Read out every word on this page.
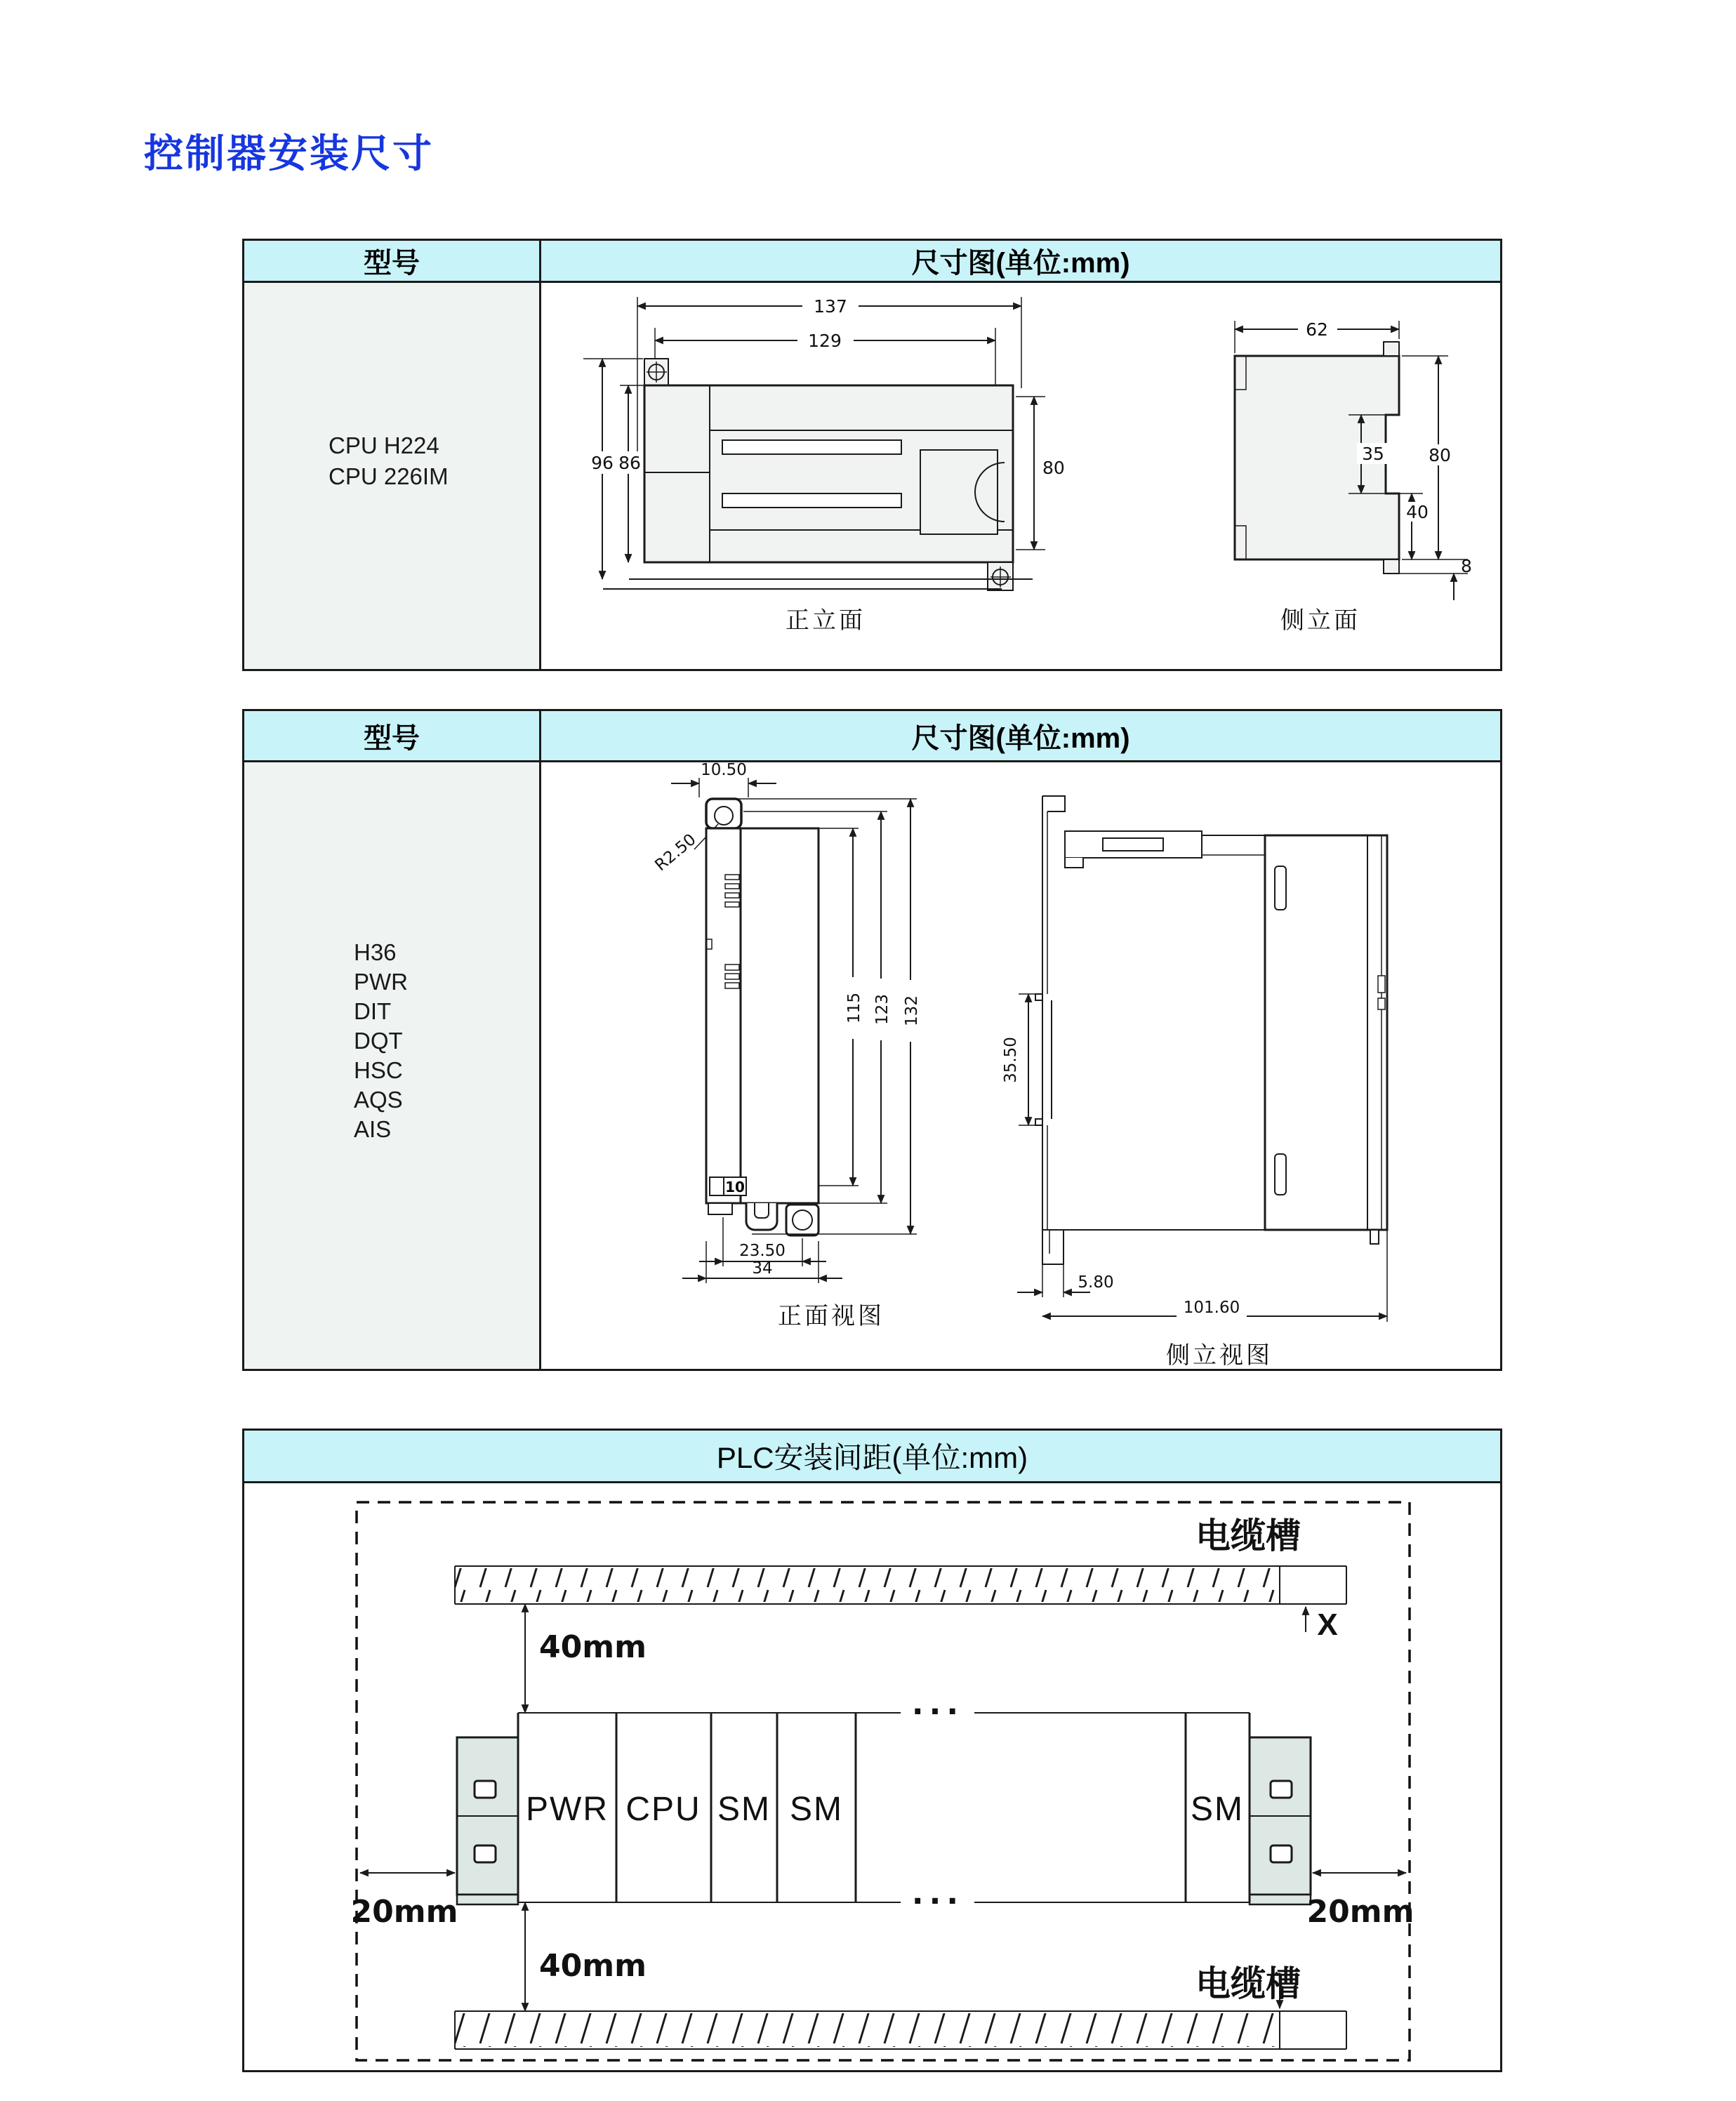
控制器安装尺寸
型号	尺寸图(单位:mm)
CPU H224
CPU 226IM
137
129
96 86	80
正立面
62
35
40
80
8
侧立面
型号	尺寸图(单位:mm)
H36
PWR
DIT
DQT
HSC
AQS
AIS
10.50
R2.50
10
115 123 132
23.50
34
正面视图
35.50
5.80
101.60
侧立视图
PLC安装间距(单位:mm)
电缆槽
X
40mm
···
···
PWR CPU SM SM	SM
20mm	20mm
40mm	电缆槽
